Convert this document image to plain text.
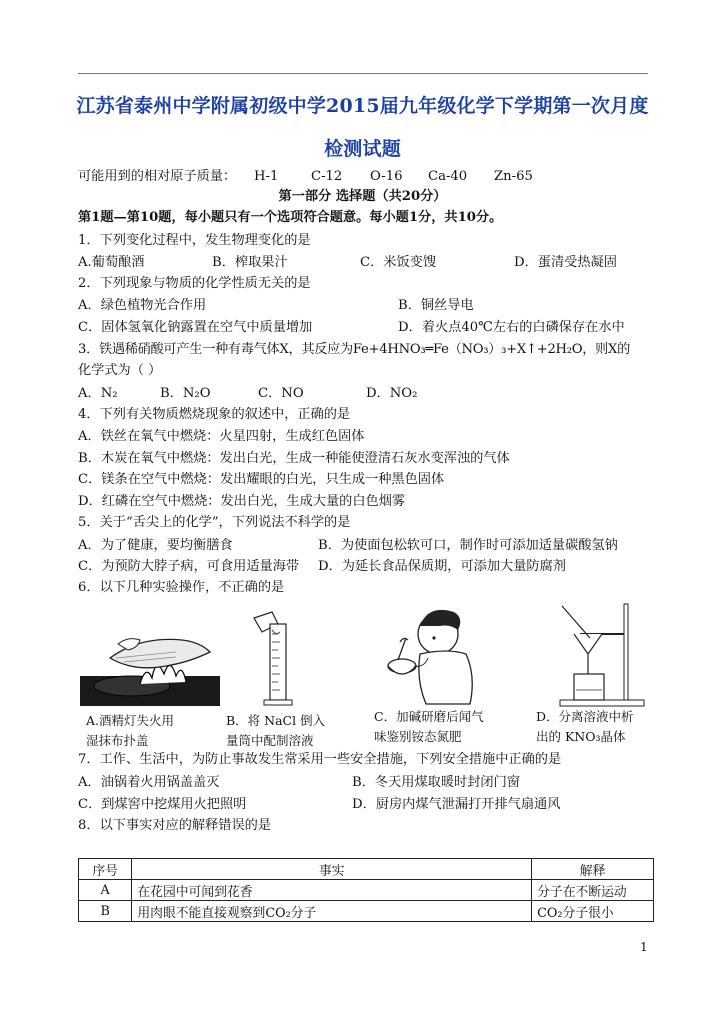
江苏省泰州中学附属初级中学2015届九年级化学下学期第一次月度
检测试题
可能用到的相对原子质量： H-1 C-12 O-16 Ca-40 Zn-65
第一部分 选择题（共20分）
第1题—第10题，每小题只有一个选项符合题意。每小题1分，共10分。
1．下列变化过程中，发生物理变化的是
A.葡萄酿酒	B．榨取果汁	C．米饭变馊	D．蛋清受热凝固
2．下列现象与物质的化学性质无关的是
A．绿色植物光合作用	B．铜丝导电
C．固体氢氧化钠露置在空气中质量增加	D．着火点40℃左右的白磷保存在水中
3．铁遇稀硝酸可产生一种有毒气体X，其反应为Fe+4HNO₃═Fe（NO₃）₃+X↑+2H₂O，则X的
化学式为（ ）
A．N₂	B．N₂O	C．NO	D．NO₂
4．下列有关物质燃烧现象的叙述中，正确的是
A．铁丝在氧气中燃烧：火星四射，生成红色固体
B．木炭在氧气中燃烧：发出白光，生成一种能使澄清石灰水变浑浊的气体
C．镁条在空气中燃烧：发出耀眼的白光，只生成一种黑色固体
D．红磷在空气中燃烧：发出白光，生成大量的白色烟雾
5．关于“舌尖上的化学”，下列说法不科学的是
A．为了健康，要均衡膳食	B．为使面包松软可口，制作时可添加适量碳酸氢钠
C．为预防大脖子病，可食用适量海带 D．为延长食品保质期，可添加大量防腐剂
6．以下几种实验操作，不正确的是
A.酒精灯失火用
湿抹布扑盖
B．将 NaCl 倒入
量筒中配制溶液
C．加碱研磨后闻气
味鉴别铵态氮肥
D．分离溶液中析
出的 KNO₃晶体
7．工作、生活中，为防止事故发生常采用一些安全措施，下列安全措施中正确的是
A．油锅着火用锅盖盖灭	B．冬天用煤取暖时封闭门窗
C．到煤窖中挖煤用火把照明	D．厨房内煤气泄漏打开排气扇通风
8．以下事实对应的解释错误的是
序号	事实	解释
A	在花园中可闻到花香	分子在不断运动
B	用肉眼不能直接观察到CO₂分子	CO₂分子很小
1
